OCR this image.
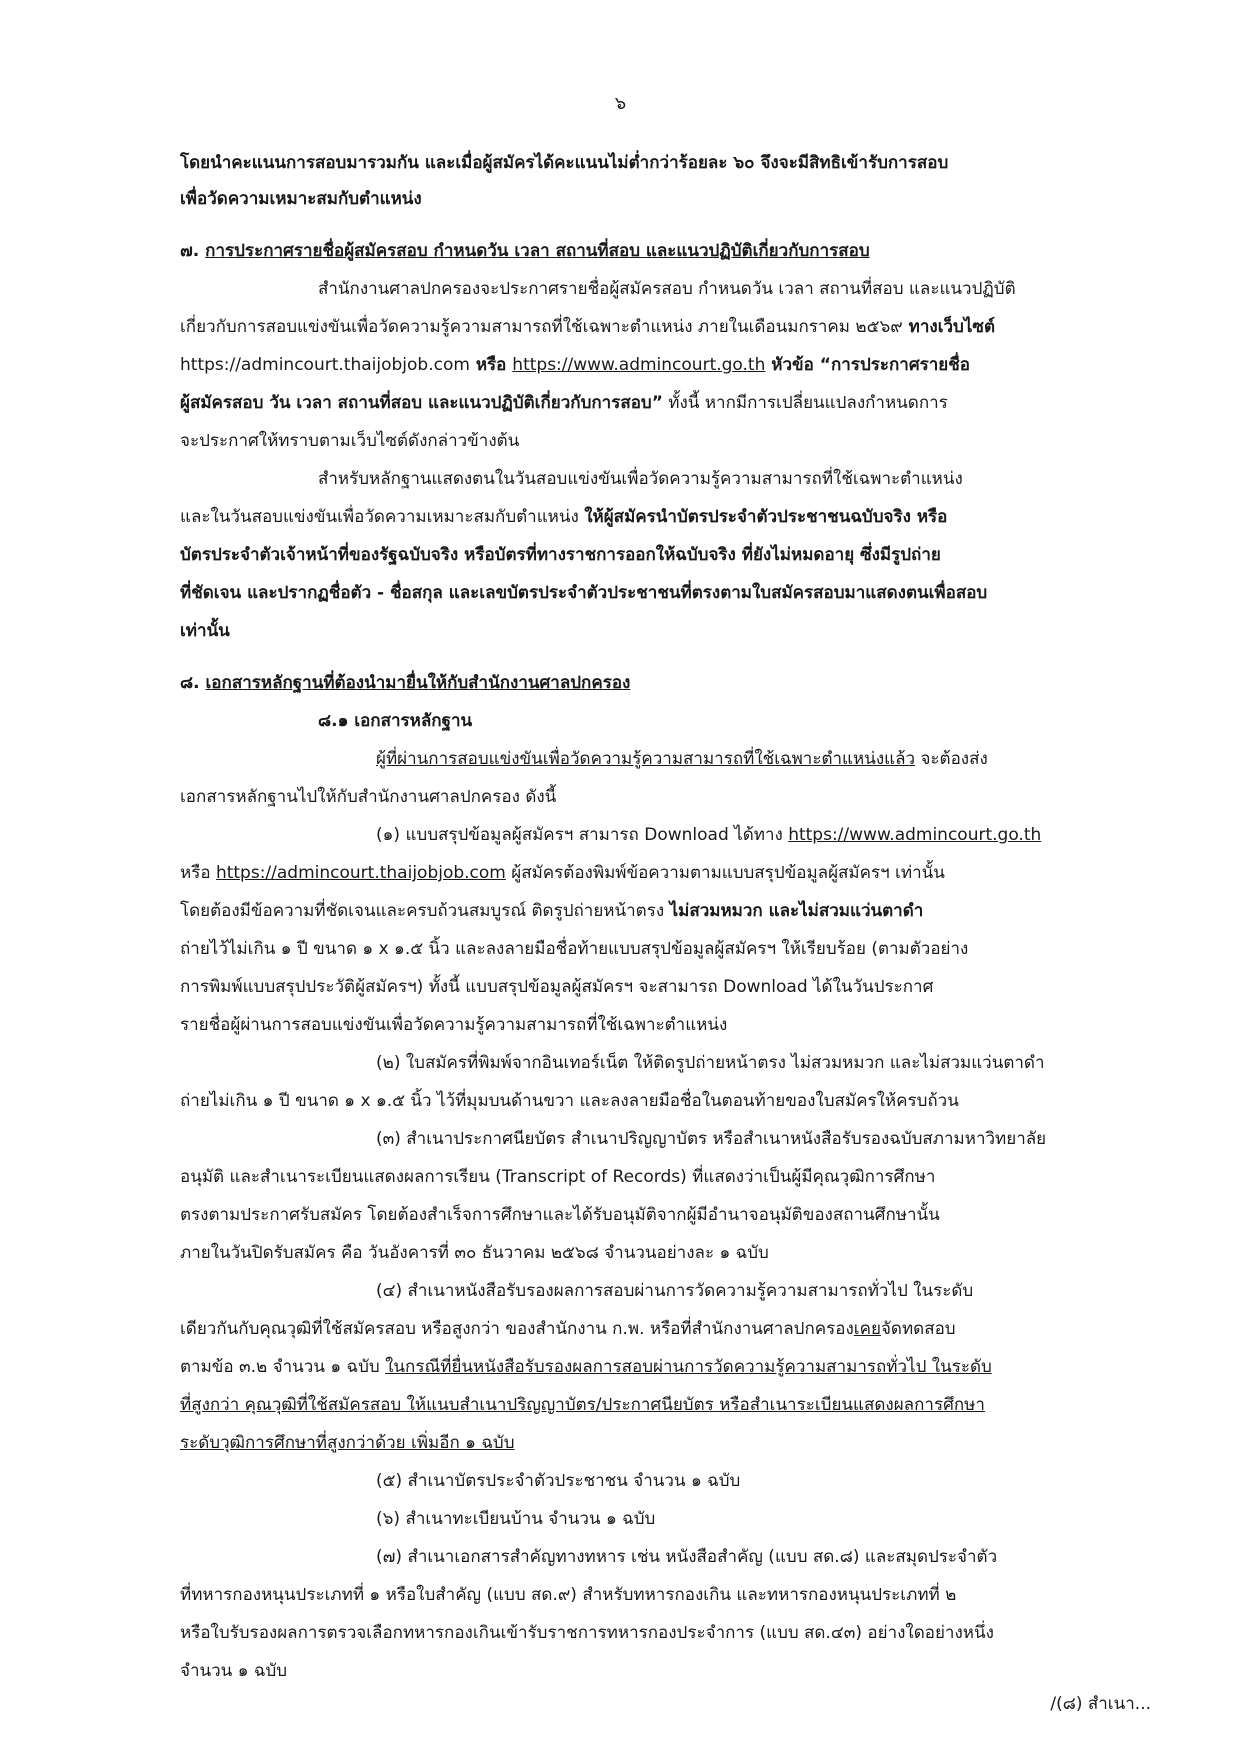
๖
โดยนำคะแนนการสอบมารวมกัน และเมื่อผู้สมัครได้คะแนนไม่ต่ำกว่าร้อยละ ๖๐ จึงจะมีสิทธิเข้ารับการสอบ
เพื่อวัดความเหมาะสมกับตำแหน่ง
๗. การประกาศรายชื่อผู้สมัครสอบ กำหนดวัน เวลา สถานที่สอบ และแนวปฏิบัติเกี่ยวกับการสอบ
สำนักงานศาลปกครองจะประกาศรายชื่อผู้สมัครสอบ กำหนดวัน เวลา สถานที่สอบ และแนวปฏิบัติ
เกี่ยวกับการสอบแข่งขันเพื่อวัดความรู้ความสามารถที่ใช้เฉพาะตำแหน่ง ภายในเดือนมกราคม ๒๕๖๙ ทางเว็บไซต์
https://admincourt.thaijobjob.com หรือ https://www.admincourt.go.th หัวข้อ “การประกาศรายชื่อ
ผู้สมัครสอบ วัน เวลา สถานที่สอบ และแนวปฏิบัติเกี่ยวกับการสอบ” ทั้งนี้ หากมีการเปลี่ยนแปลงกำหนดการ
จะประกาศให้ทราบตามเว็บไซต์ดังกล่าวข้างต้น
สำหรับหลักฐานแสดงตนในวันสอบแข่งขันเพื่อวัดความรู้ความสามารถที่ใช้เฉพาะตำแหน่ง
และในวันสอบแข่งขันเพื่อวัดความเหมาะสมกับตำแหน่ง ให้ผู้สมัครนำบัตรประจำตัวประชาชนฉบับจริง หรือ
บัตรประจำตัวเจ้าหน้าที่ของรัฐฉบับจริง หรือบัตรที่ทางราชการออกให้ฉบับจริง ที่ยังไม่หมดอายุ ซึ่งมีรูปถ่าย
ที่ชัดเจน และปรากฏชื่อตัว - ชื่อสกุล และเลขบัตรประจำตัวประชาชนที่ตรงตามใบสมัครสอบมาแสดงตนเพื่อสอบ
เท่านั้น
๘. เอกสารหลักฐานที่ต้องนำมายื่นให้กับสำนักงานศาลปกครอง
๘.๑ เอกสารหลักฐาน
ผู้ที่ผ่านการสอบแข่งขันเพื่อวัดความรู้ความสามารถที่ใช้เฉพาะตำแหน่งแล้ว จะต้องส่ง
เอกสารหลักฐานไปให้กับสำนักงานศาลปกครอง ดังนี้
(๑) แบบสรุปข้อมูลผู้สมัครฯ สามารถ Download ได้ทาง https://www.admincourt.go.th
หรือ https://admincourt.thaijobjob.com ผู้สมัครต้องพิมพ์ข้อความตามแบบสรุปข้อมูลผู้สมัครฯ เท่านั้น
โดยต้องมีข้อความที่ชัดเจนและครบถ้วนสมบูรณ์ ติดรูปถ่ายหน้าตรง ไม่สวมหมวก และไม่สวมแว่นตาดำ
ถ่ายไว้ไม่เกิน ๑ ปี ขนาด ๑ x ๑.๕ นิ้ว และลงลายมือชื่อท้ายแบบสรุปข้อมูลผู้สมัครฯ ให้เรียบร้อย (ตามตัวอย่าง
การพิมพ์แบบสรุปประวัติผู้สมัครฯ) ทั้งนี้ แบบสรุปข้อมูลผู้สมัครฯ จะสามารถ Download ได้ในวันประกาศ
รายชื่อผู้ผ่านการสอบแข่งขันเพื่อวัดความรู้ความสามารถที่ใช้เฉพาะตำแหน่ง
(๒) ใบสมัครที่พิมพ์จากอินเทอร์เน็ต ให้ติดรูปถ่ายหน้าตรง ไม่สวมหมวก และไม่สวมแว่นตาดำ
ถ่ายไม่เกิน ๑ ปี ขนาด ๑ x ๑.๕ นิ้ว ไว้ที่มุมบนด้านขวา และลงลายมือชื่อในตอนท้ายของใบสมัครให้ครบถ้วน
(๓) สำเนาประกาศนียบัตร สำเนาปริญญาบัตร หรือสำเนาหนังสือรับรองฉบับสภามหาวิทยาลัย
อนุมัติ และสำเนาระเบียนแสดงผลการเรียน (Transcript of Records) ที่แสดงว่าเป็นผู้มีคุณวุฒิการศึกษา
ตรงตามประกาศรับสมัคร โดยต้องสำเร็จการศึกษาและได้รับอนุมัติจากผู้มีอำนาจอนุมัติของสถานศึกษานั้น
ภายในวันปิดรับสมัคร คือ วันอังคารที่ ๓๐ ธันวาคม ๒๕๖๘ จำนวนอย่างละ ๑ ฉบับ
(๔) สำเนาหนังสือรับรองผลการสอบผ่านการวัดความรู้ความสามารถทั่วไป ในระดับ
เดียวกันกับคุณวุฒิที่ใช้สมัครสอบ หรือสูงกว่า ของสำนักงาน ก.พ. หรือที่สำนักงานศาลปกครองเคยจัดทดสอบ
ตามข้อ ๓.๒ จำนวน ๑ ฉบับ ในกรณีที่ยื่นหนังสือรับรองผลการสอบผ่านการวัดความรู้ความสามารถทั่วไป ในระดับ
ที่สูงกว่า คุณวุฒิที่ใช้สมัครสอบ ให้แนบสำเนาปริญญาบัตร/ประกาศนียบัตร หรือสำเนาระเบียนแสดงผลการศึกษา
ระดับวุฒิการศึกษาที่สูงกว่าด้วย เพิ่มอีก ๑ ฉบับ
(๕) สำเนาบัตรประจำตัวประชาชน จำนวน ๑ ฉบับ
(๖) สำเนาทะเบียนบ้าน จำนวน ๑ ฉบับ
(๗) สำเนาเอกสารสำคัญทางทหาร เช่น หนังสือสำคัญ (แบบ สด.๘) และสมุดประจำตัว
ที่ทหารกองหนุนประเภทที่ ๑ หรือใบสำคัญ (แบบ สด.๙) สำหรับทหารกองเกิน และทหารกองหนุนประเภทที่ ๒
หรือใบรับรองผลการตรวจเลือกทหารกองเกินเข้ารับราชการทหารกองประจำการ (แบบ สด.๔๓) อย่างใดอย่างหนึ่ง
จำนวน ๑ ฉบับ
/(๘) สำเนา...
